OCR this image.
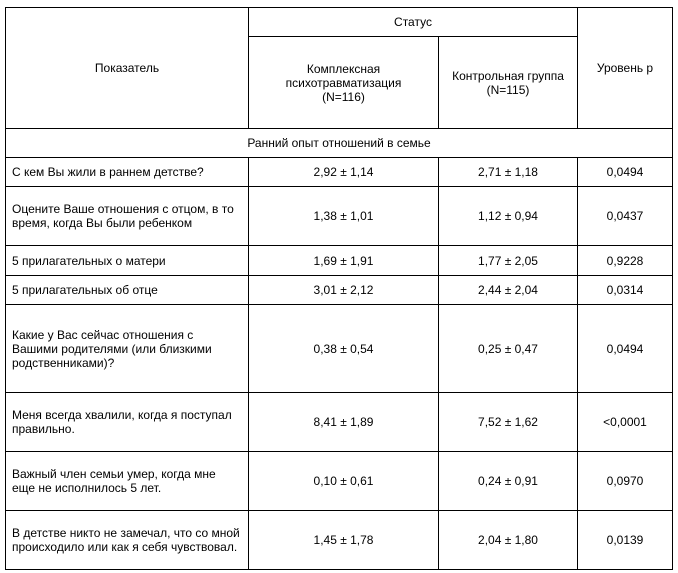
Показатель	Статус		Уровень p
	Комплексная психотравматизация (N=116)	Контрольная группа (N=115)	
Ранний опыт отношений в семье			
С кем Вы жили в раннем детстве?	2,92 ± 1,14	2,71 ± 1,18	0,0494
Оцените Ваше отношения с отцом, в то время, когда Вы были ребенком	1,38 ± 1,01	1,12 ± 0,94	0,0437
5 прилагательных о матери	1,69 ± 1,91	1,77 ± 2,05	0,9228
5 прилагательных об отце	3,01 ± 2,12	2,44 ± 2,04	0,0314
Какие у Вас сейчас отношения с Вашими родителями (или близкими родственниками)?	0,38 ± 0,54	0,25 ± 0,47	0,0494
Меня всегда хвалили, когда я поступал правильно.	8,41 ± 1,89	7,52 ± 1,62	<0,0001
Важный член семьи умер, когда мне еще не исполнилось 5 лет.	0,10 ± 0,61	0,24 ± 0,91	0,0970
В детстве никто не замечал, что со мной происходило или как я себя чувствовал.	1,45 ± 1,78	2,04 ± 1,80	0,0139
